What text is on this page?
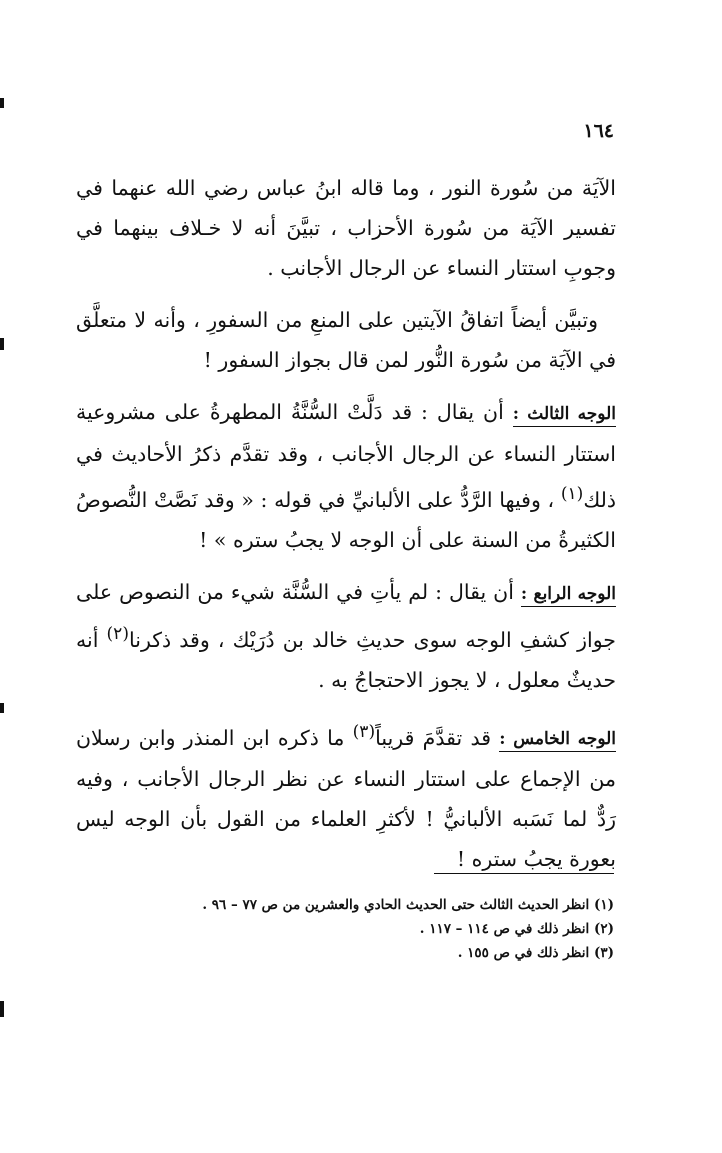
١٦٤

الآيَة من سُورة النور ، وما قاله ابنُ عباس رضي الله عنهما في تفسير الآيَة من سُورة الأحزاب ، تبيَّنَ أنه لا خـلاف بينهما في وجوبِ استتار النساء عن الرجال الأجانب .

وتبيَّن أيضاً اتفاقُ الآيتين على المنعِ من السفورِ ، وأنه لا متعلَّق في الآيَة من سُورة النُّور لمن قال بجواز السفور !

الوجه الثالث : أن يقال : قد دَلَّتْ السُّنَّةُ المطهرةُ على مشروعية استتار النساء عن الرجال الأجانب ، وقد تقدَّم ذكرُ الأحاديث في ذلك$^{(١)}$ ، وفيها الرَّدُّ على الألبانيِّ في قوله : « وقد نَصَّتْ النُّصوصُ الكثيرةُ من السنة على أن الوجه لا يجبُ ستره » !

الوجه الرابع : أن يقال : لم يأتِ في السُّنَّة شيء من النصوص على جواز كشفِ الوجه سوى حديثِ خالد بن دُرَيْك ، وقد ذكرنا$^{(٢)}$ أنه حديثٌ معلول ، لا يجوز الاحتجاجُ به .

الوجه الخامس : قد تقدَّمَ قريباً$^{(٣)}$ ما ذكره ابن المنذر وابن رسلان من الإجماع على استتار النساء عن نظر الرجال الأجانب ، وفيه رَدٌّ لما نَسَبه الألبانيُّ ! لأكثرِ العلماء من القول بأن الوجه ليس بعورة يجبُ ستره !

(١) انظر الحديث الثالث حتى الحديث الحادي والعشرين من ص ٧٧ – ٩٦ .
(٢) انظر ذلك في ص ١١٤ – ١١٧ .
(٣) انظر ذلك في ص ١٥٥ .
